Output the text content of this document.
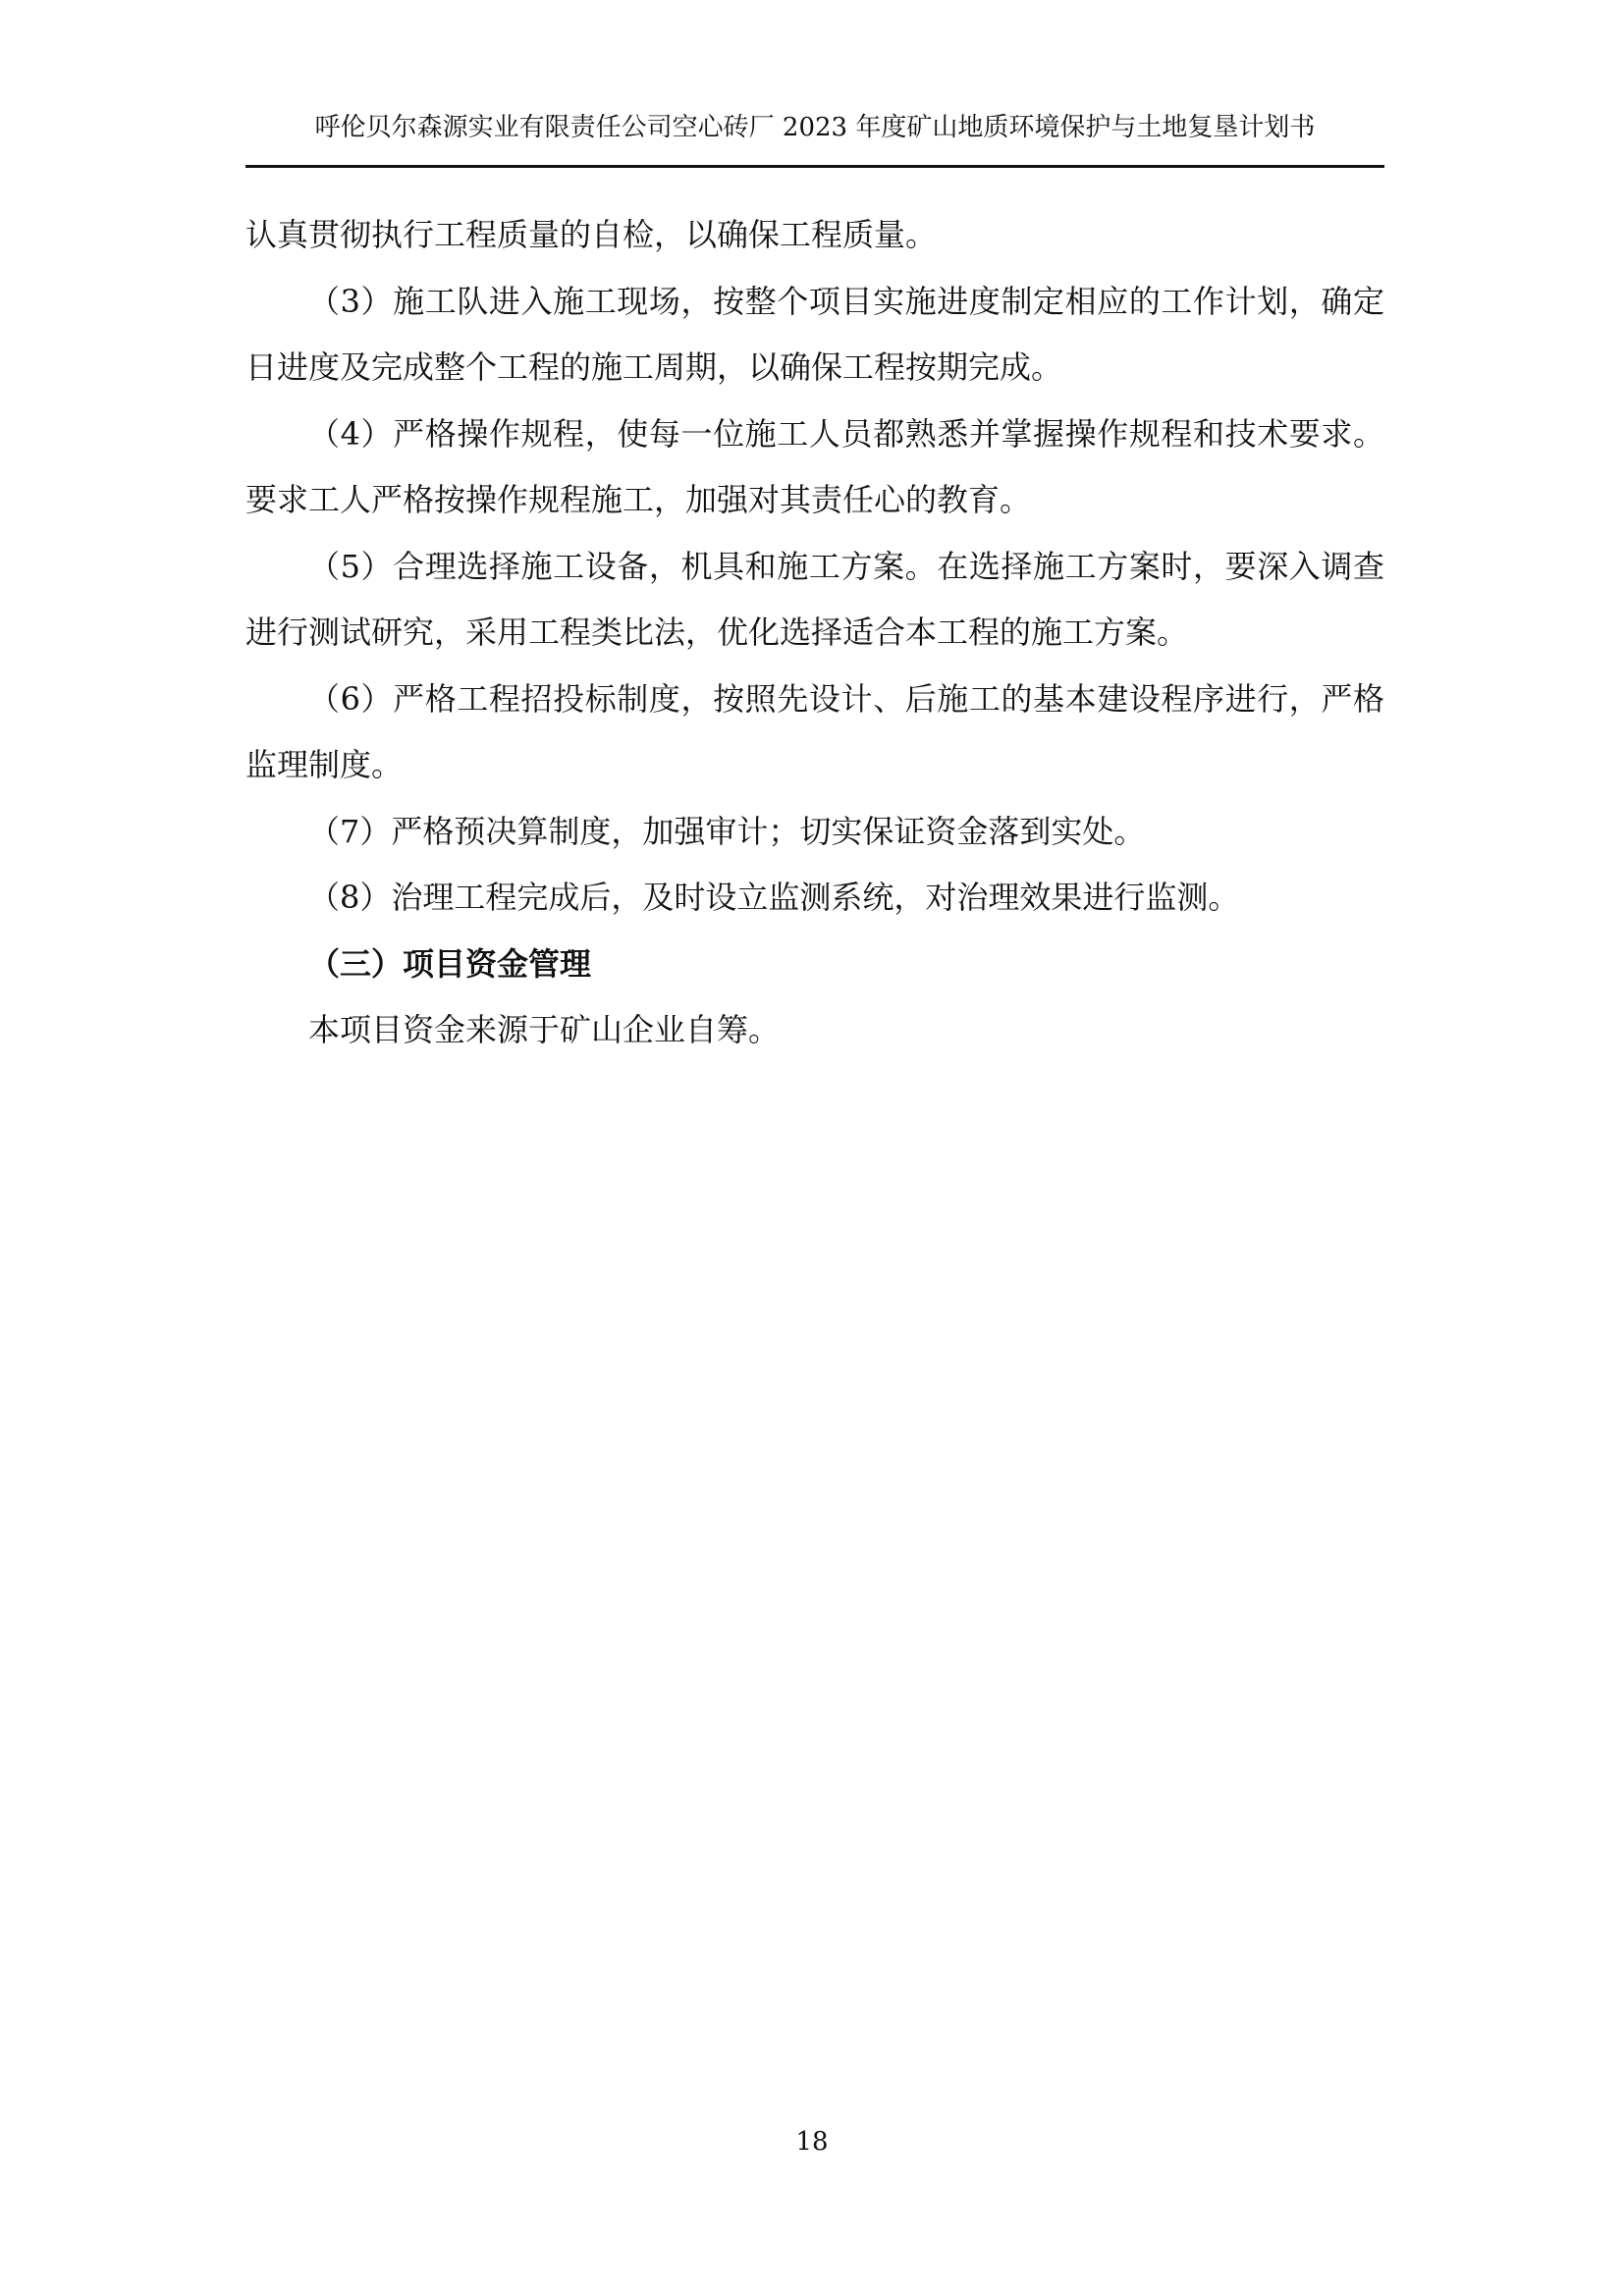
呼伦贝尔森源实业有限责任公司空心砖厂 2023 年度矿山地质环境保护与土地复垦计划书

认真贯彻执行工程质量的自检，以确保工程质量。

（3）施工队进入施工现场，按整个项目实施进度制定相应的工作计划，确定日进度及完成整个工程的施工周期，以确保工程按期完成。

（4）严格操作规程，使每一位施工人员都熟悉并掌握操作规程和技术要求。要求工人严格按操作规程施工，加强对其责任心的教育。

（5）合理选择施工设备，机具和施工方案。在选择施工方案时，要深入调查进行测试研究，采用工程类比法，优化选择适合本工程的施工方案。

（6）严格工程招投标制度，按照先设计、后施工的基本建设程序进行，严格监理制度。

（7）严格预决算制度，加强审计；切实保证资金落到实处。

（8）治理工程完成后，及时设立监测系统，对治理效果进行监测。

（三）项目资金管理

本项目资金来源于矿山企业自筹。

18
